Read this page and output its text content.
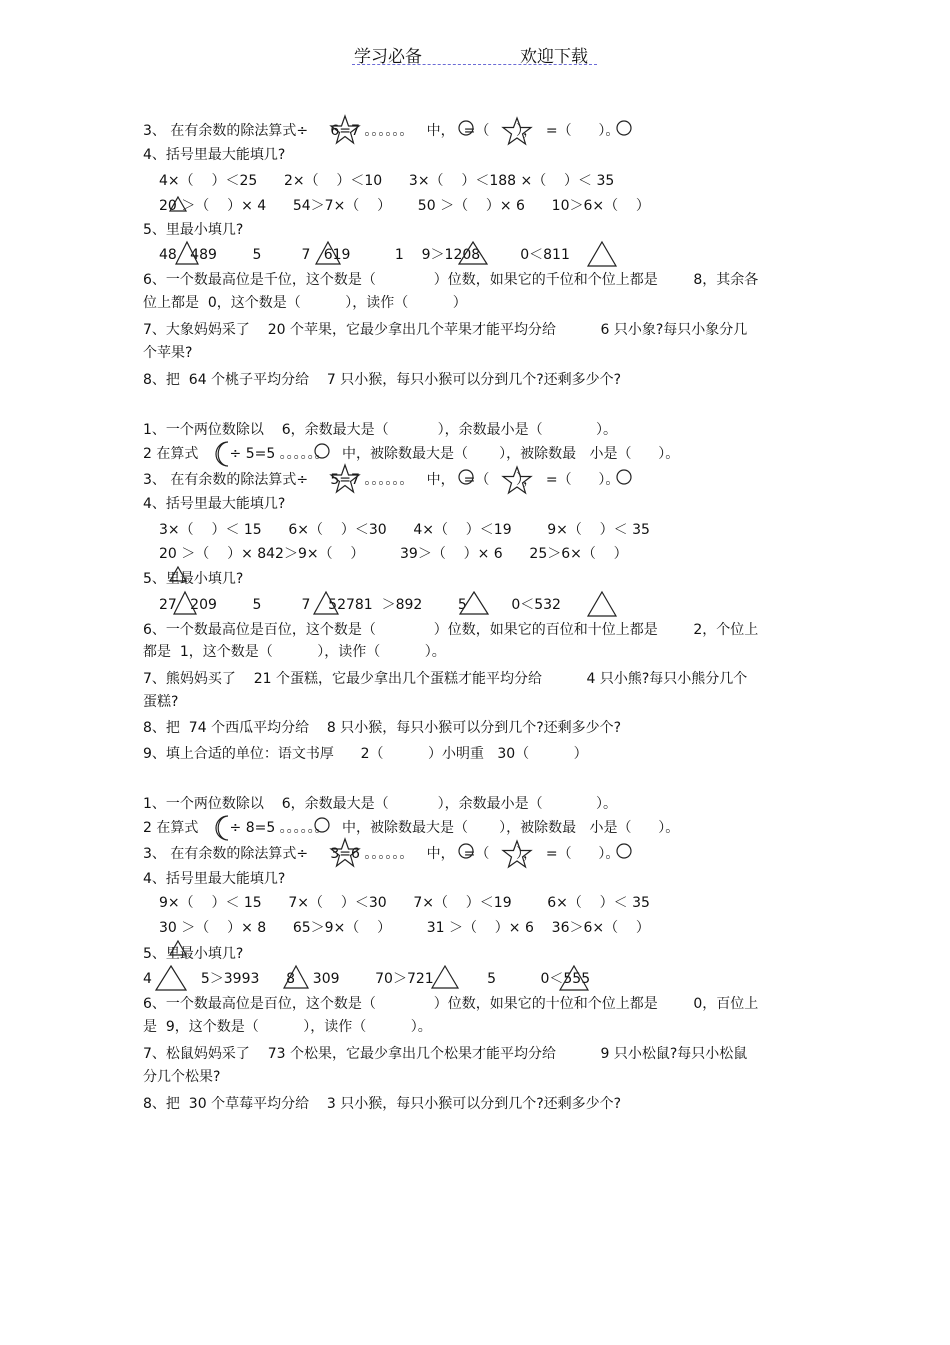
学习必备	欢迎下载
3、 在有余数的除法算式÷     6=7 。。。。。。   中，  =（      ），  =（      ）。
4、括号里最大能填几?
4×（    ）＜25      2×（    ）＜10      3×（    ）＜188 ×（    ）＜ 35
20 ＞（    ）× 4      54＞7×（    ）      50 ＞（    ）× 6      10＞6×（    ）
5、里最小填几?
48   489        5         7   619          1    9＞1208         0＜811
6、一个数最高位是千位，这个数是（             ）位数，如果它的千位和个位上都是        8，其余各
位上都是  0，这个数是（          ），读作（          ）
7、大象妈妈采了    20 个苹果，它最少拿出几个苹果才能平均分给          6 只小象?每只小象分几
个苹果?
8、把  64 个桃子平均分给    7 只小猴，每只小猴可以分到几个?还剩多少个?
1、一个两位数除以    6，余数最大是（           ），余数最小是（            ）。
2 在算式       ÷ 5=5 。。。。。。   中，被除数最大是（       ），被除数最   小是（      ）。
3、 在有余数的除法算式÷     5=7 。。。。。。   中，  =（      ），  =（      ）。
4、括号里最大能填几?
3×（    ）＜ 15      6×（    ）＜30      4×（    ）＜19        9×（    ）＜ 35
20 ＞（    ）× 842＞9×（    ）        39＞（    ）× 6      25＞6×（    ）
5、里最小填几?
27   209        5         7    52781  ＞892        5          0＜532
6、一个数最高位是百位，这个数是（             ）位数，如果它的百位和十位上都是        2，个位上
都是  1，这个数是（          ），读作（          ）。
7、熊妈妈买了    21 个蛋糕，它最少拿出几个蛋糕才能平均分给          4 只小熊?每只小熊分几个
蛋糕?
8、把  74 个西瓜平均分给    8 只小猴，每只小猴可以分到几个?还剩多少个?
9、填上合适的单位：语文书厚      2（          ）小明重   30（          ）
1、一个两位数除以    6，余数最大是（           ），余数最小是（            ）。
2 在算式       ÷ 8=5 。。。。。。   中，被除数最大是（       ），被除数最   小是（      ）。
3、 在有余数的除法算式÷     3=6 。。。。。。   中，  =（      ），  =（      ）。
4、括号里最大能填几?
9×（    ）＜ 15      7×（    ）＜30      7×（    ）＜19        6×（    ）＜ 35
30 ＞（    ）× 8      65＞9×（    ）        31 ＞（    ）× 6    36＞6×（    ）
5、里最小填几?
4           5＞3993      8    309        70＞721            5          0＜555
6、一个数最高位是百位，这个数是（             ）位数，如果它的十位和个位上都是        0，百位上
是  9，这个数是（          ），读作（          ）。
7、松鼠妈妈采了    73 个松果，它最少拿出几个松果才能平均分给          9 只小松鼠?每只小松鼠
分几个松果?
8、把  30 个草莓平均分给    3 只小猴，每只小猴可以分到几个?还剩多少个?
